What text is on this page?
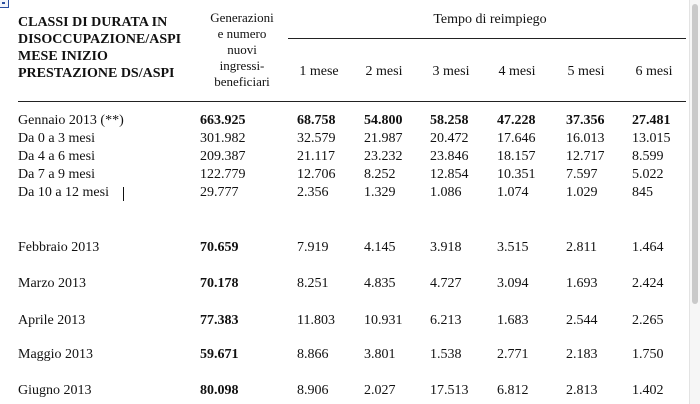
CLASSI DI DURATA IN
DISOCCUPAZIONE/ASPI
MESE INIZIO
PRESTAZIONE DS/ASPI
Generazioni
e numero
nuovi
ingressi-
beneficiari
Tempo di reimpiego
1 mese	2 mesi	3 mesi	4 mesi	5 mesi	6 mesi
Gennaio 2013 (**)	663.925	68.758 54.800 58.258 47.228 37.356 27.481
Da 0 a 3 mesi	301.982	32.579 21.987 20.472 17.646 16.013 13.015
Da 4 a 6 mesi	209.387	21.117 23.232 23.846 18.157 12.717 8.599
Da 7 a 9 mesi	122.779	12.706 8.252 12.854 10.351 7.597 5.022
Da 10 a 12 mesi	29.777	2.356	1.329 1.086	1.074	1.029 845
Febbraio 2013	70.659	7.919	4.145 3.918	3.515	2.811	1.464
Marzo 2013	70.178	8.251	4.835 4.727	3.094	1.693 2.424
Aprile 2013	77.383	11.803 10.931 6.213	1.683	2.544 2.265
Maggio 2013	59.671	8.866	3.801 1.538	2.771	2.183 1.750
Giugno 2013	80.098	8.906	2.027 17.513 6.812	2.813 1.402
